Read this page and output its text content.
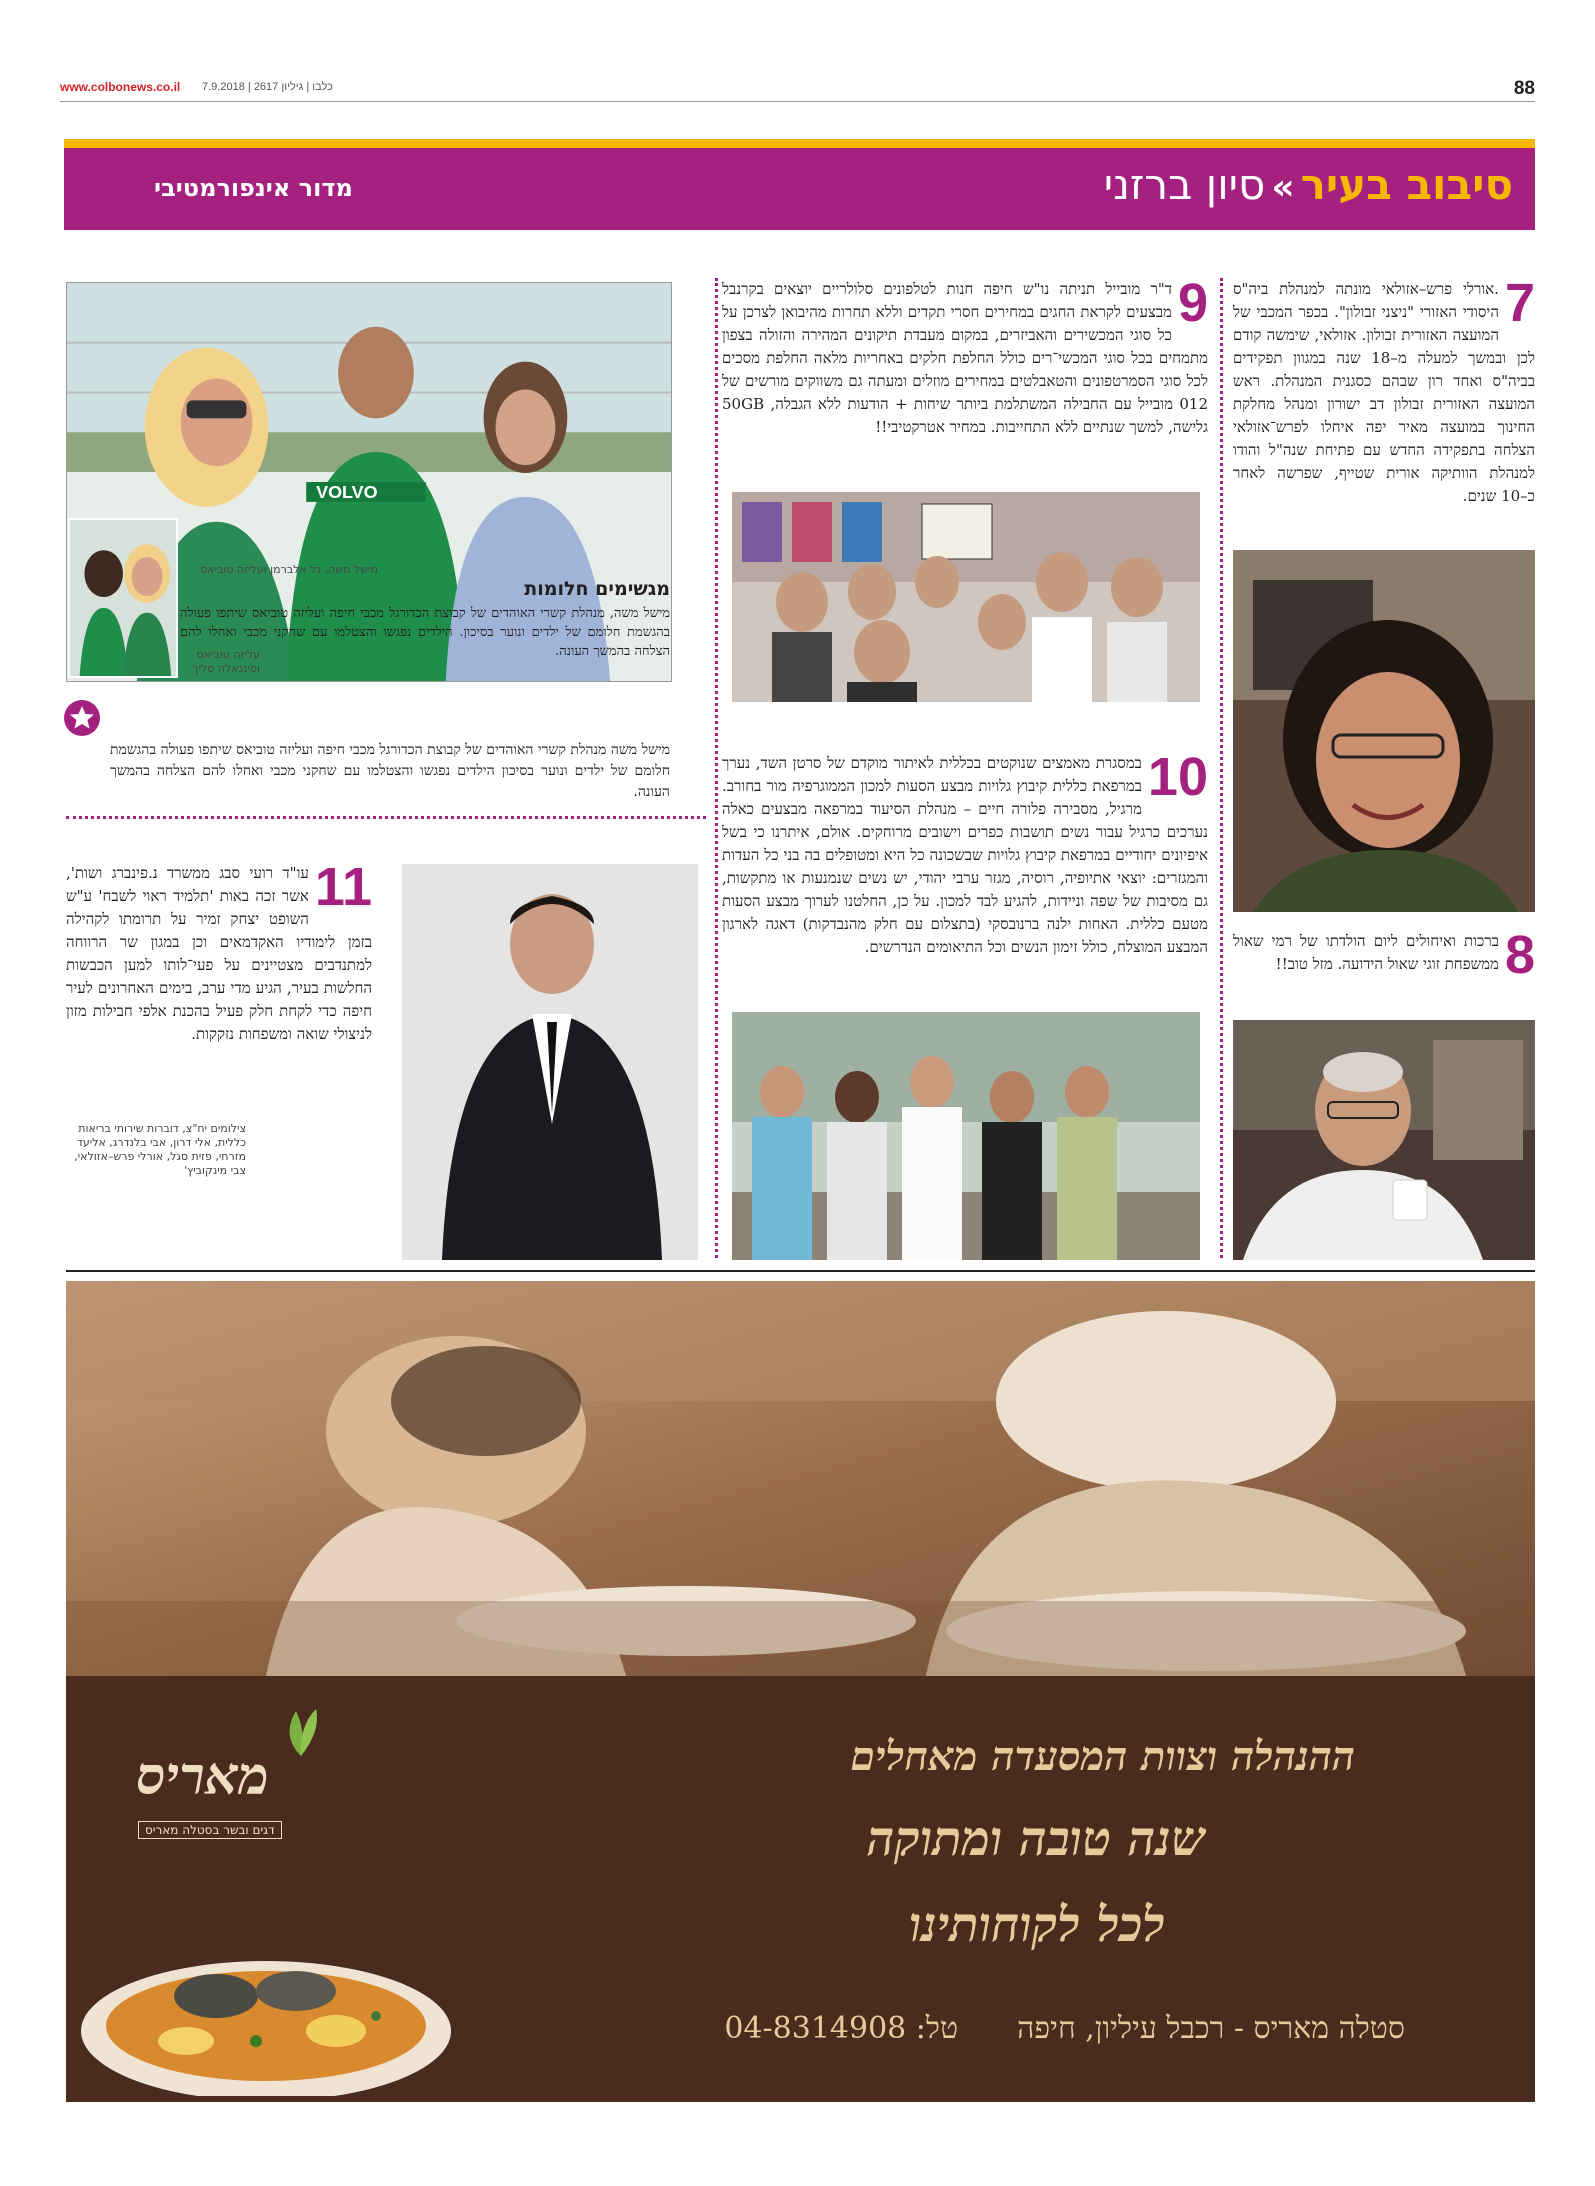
www.colbonews.co.il כלבו | גיליון 2617 | 7.9.2018	88
סיבוב בעיר»סיון ברזני
מדור אינפורמטיבי
7
.אורלי פרש–אזולאי מונתה למנהלת ביה"ס היסודי האזורי "ניצני זבולון". בכפר המכבי של המועצה האזורית זבולון. אזולאי, שימשה קודם לכן ובמשך למעלה מ–18 שנה במגוון תפקידים בביה"ס ואחד רון שבהם כסגנית המנהלת. ראש המועצה האזורית זבולון דב ישורון ומנהל מחלקת החינוך במועצה מאיר יפה איחלו לפרש־אזולאי הצלחה בתפקידה החדש עם פתיחת שנה"ל והודו למנהלת הוותיקה אורית שטייף, שפרשה לאחר כ–10 שנים.
8
ברכות ואיחולים ליום הולדתו של רמי שאול ממשפחת זוגי שאול הידועה. מזל טוב!!
9
ד"ר מובייל תניתה נו"ש חיפה חנות לטלפונים סלולריים יוצאים בקרנבל מבצעים לקראת החגים במחירים חסרי תקדים וללא תחרות מהיבואן לצרכן על כל סוגי המכשירים והאביזרים, במקום מעבדת תיקונים המהירה והזולה בצפון מתמחים בכל סוגי המכשי־רים כולל החלפת חלקים באחריות מלאה החלפת מסכים לכל סוגי הסמרטפונים והטאבלטים במחירים מוזלים ומעתה גם משווקים מורשים של 012 מובייל עם החבילה המשתלמת ביותר שיחות + הודעות ללא הגבלה, 50GB גלישה, למשך שנתיים ללא התחייבות. במחיר אטרקטיבי!!
10
במסגרת מאמצים שנוקטים בכללית לאיתור מוקדם של סרטן השד, נערך במרפאת כללית קיבוץ גלויות מבצע הסעות למכון הממוגרפיה מור בחורב. מרגיל, מסבירה פלורה חיים – מנהלת הסיעוד במרפאה מבצעים כאלה נערכים כרגיל עבור נשים תושבות כפרים וישובים מרוחקים. אולם, איתרנו כי בשל איפיונים יחודיים במרפאת קיבוץ גלויות שבשכונה כל היא ומטופלים בה בני כל העדות והמגזרים: יוצאי אתיופיה, רוסיה, מגזר ערבי יהודי, יש נשים שנמנעות או מתקשות, גם מסיבות של שפה וניידות, להגיע לבד למכון. על כן, החלטנו לערוך מבצע הסעות מטעם כללית. האחות ילנה ברנובסקי (בתצלום עם חלק מהנבדקות) דאגה לארגון המבצע המוצלח, כולל זימון הנשים וכל התיאומים הנדרשים.
VOLVO
מישל משה, גל אלברמן ועליזה טוביאס
עליזה טוביאס וסיננאלה סליך
מגשימים חלומות
מישל משה, מנהלת קשרי האוהדים של קבוצת הכדורגל מכבי חיפה ועליזה טוביאס שיתפו פעולה בהגשמת חלומם של ילדים ונוער בסיכון. הילדים נפגשו והצטלמו עם שחקני מכבי ואחלו להם הצלחה בהמשך העונה.
מישל משה מנהלת קשרי האוהדים של קבוצת הכדורגל מכבי חיפה ועליזה טוביאס שיתפו פעולה בהגשמת חלומם של ילדים ונוער בסיכון הילדים נפגשו והצטלמו עם שחקני מכבי ואחלו להם הצלחה בהמשך העונה.
11
עו"ד רועי סבג ממשרד נ.פינברג ושות', אשר זכה באות 'תלמיד ראוי לשבח' ע"ש השופט יצחק זמיר על תרומתו לקהילה בזמן לימודיו האקדמאים וכן במגון שר הרווחה למתנדבים מצטיינים על פעי־לותו למען הכבשות החלשות בעיר, הגיע מדי ערב, בימים האחרונים לעיר חיפה כדי לקחת חלק פעיל בהכנת אלפי חבילות מזון לניצולי שואה ומשפחות נזקקות.
צילומים יח"צ, דוברות שירותי בריאות כללית, אלי דרון, אבי בלנדרג, אליעד מזרחי, פזית סגל, אורלי פרש–אזולאי, צבי מינקוביץ'
ההנהלה וצוות המסעדה מאחלים
שנה טובה ומתוקה
לכל לקוחותינו
סטלה מאריס - רכבל עיליון, חיפה  טל: 04-8314908
מאריס
דגים ובשר בסטלה מאריס
